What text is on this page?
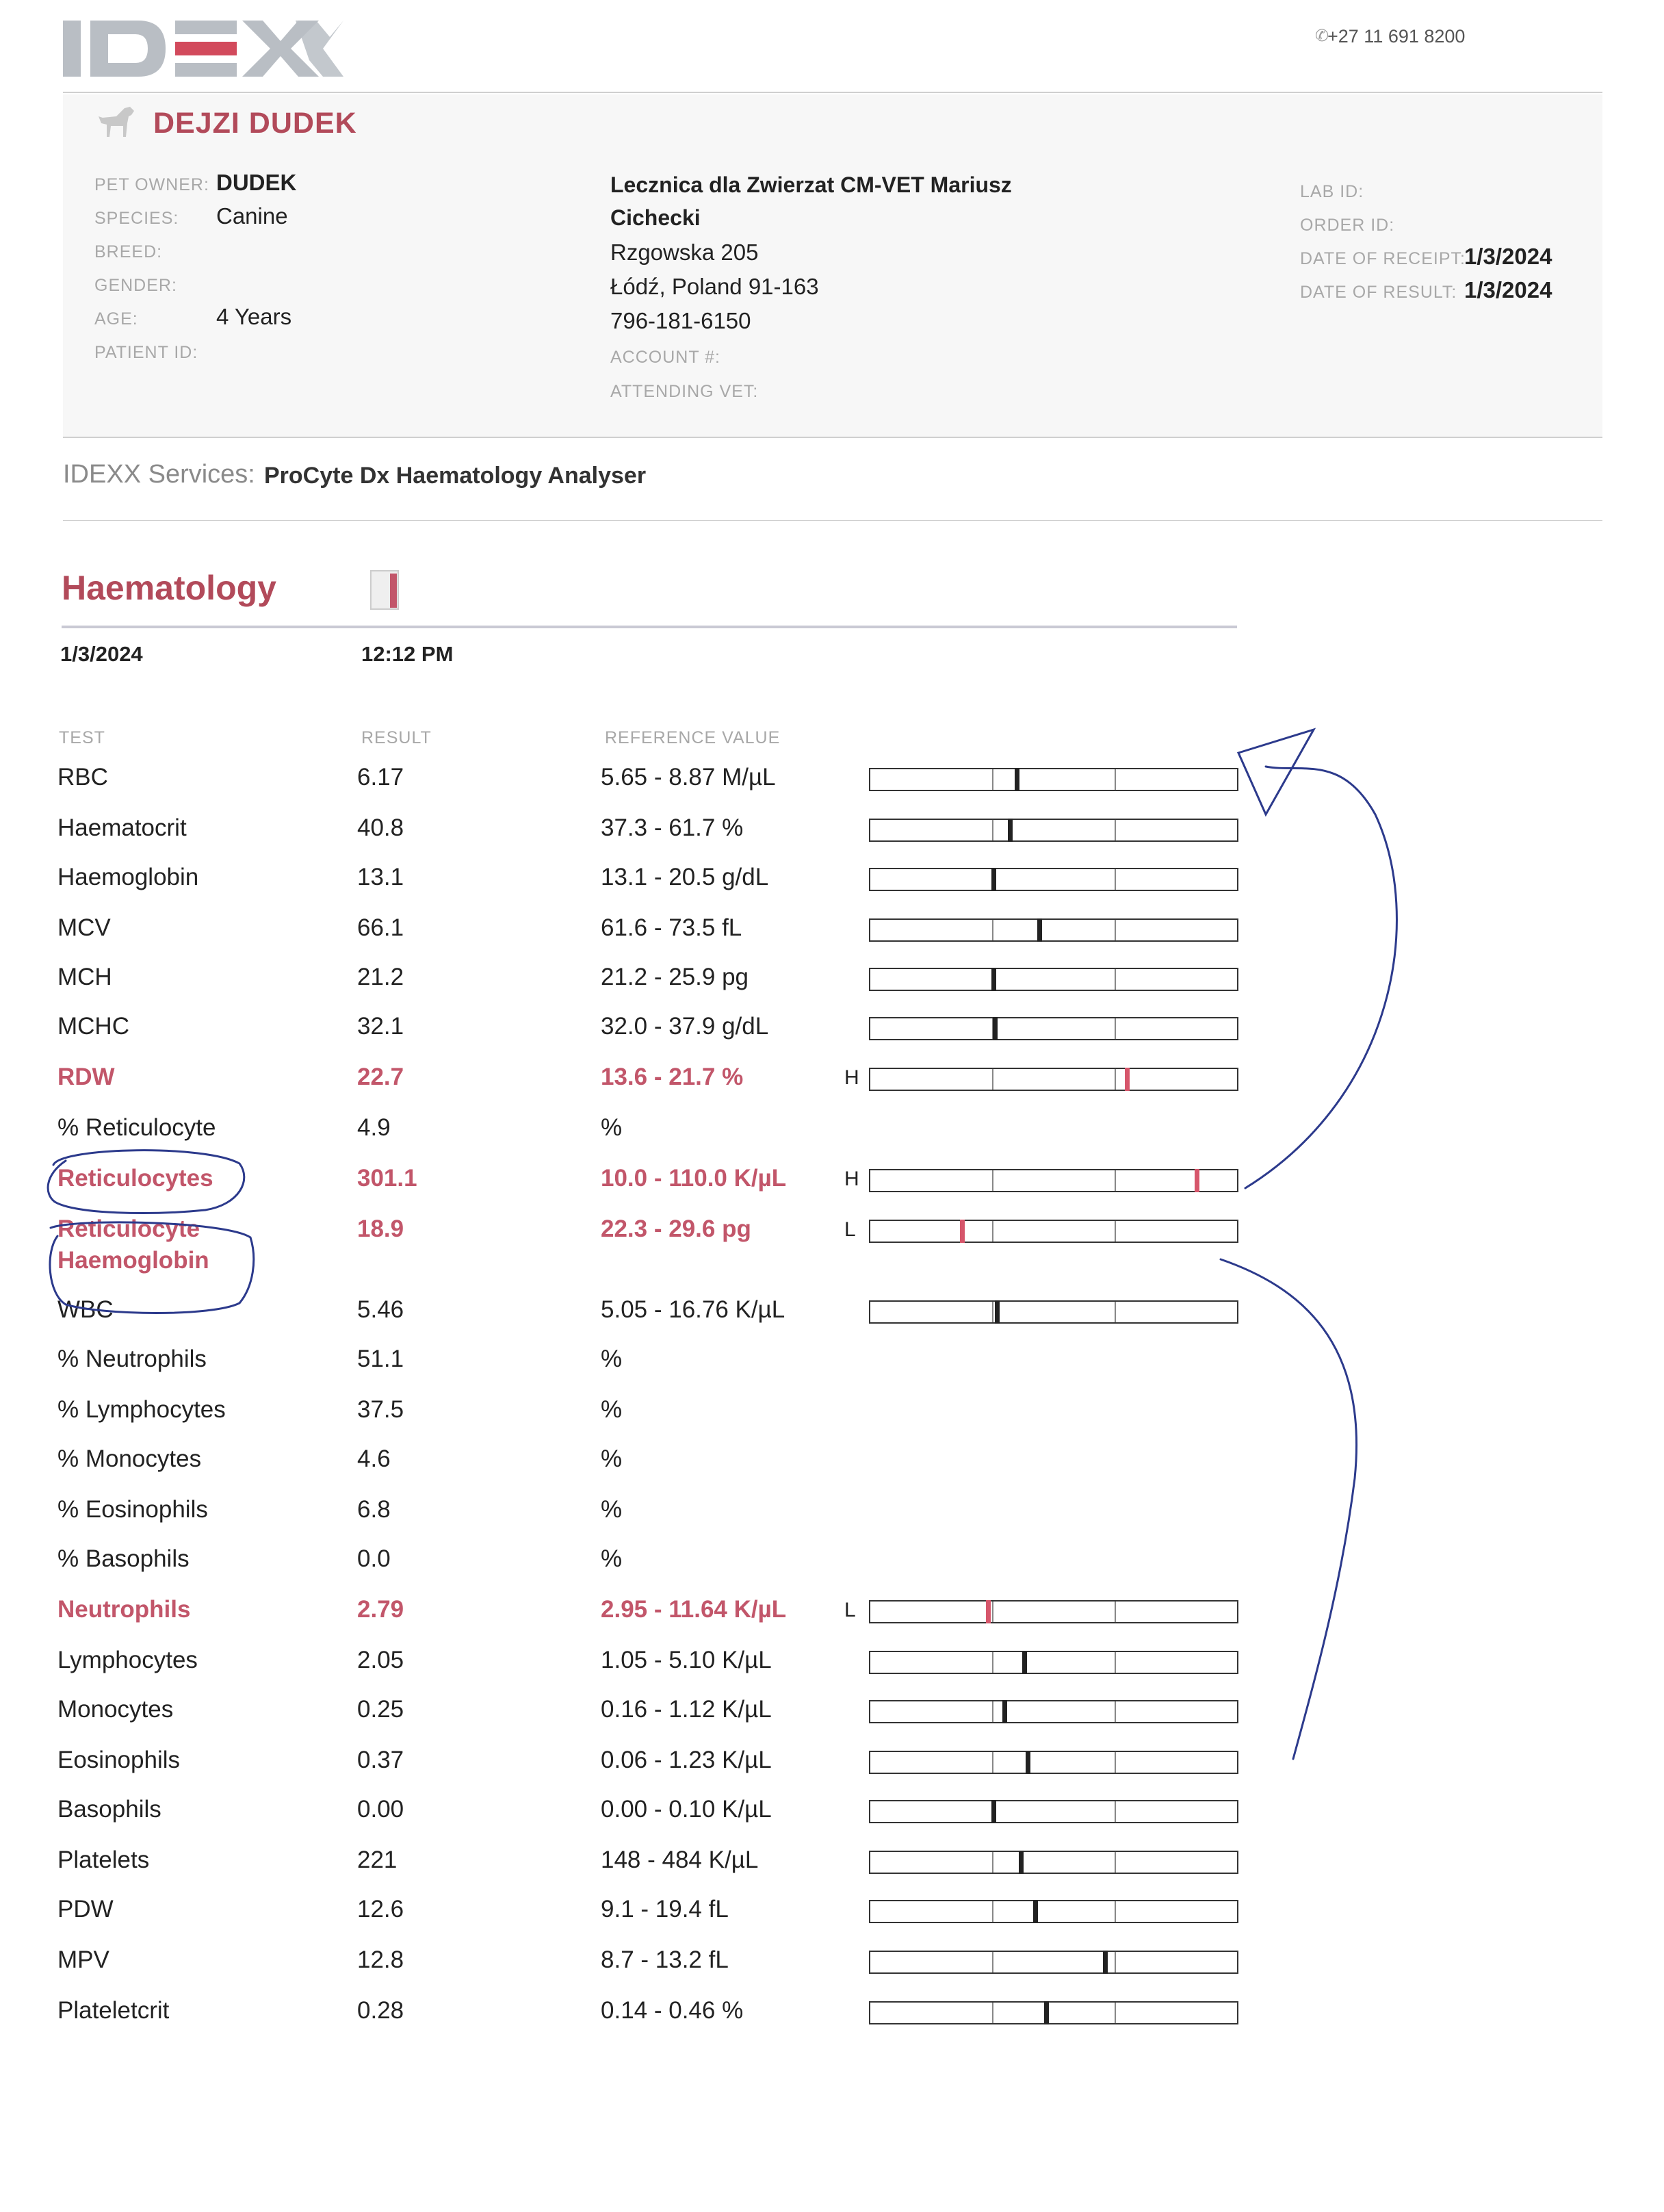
✆
+27 11 691 8200
DEJZI DUDEK
PET OWNER: DUDEK
SPECIES: Canine
BREED:
GENDER:
AGE:	4 Years
PATIENT ID:
Lecznica dla Zwierzat CM-VET Mariusz
Cichecki
Rzgowska 205
Łódź, Poland 91-163
796-181-6150
ACCOUNT #:
ATTENDING VET:
LAB ID:
ORDER ID:
DATE OF RECEIPT:
1/3/2024
DATE OF RESULT: 1/3/2024
IDEXX Services: ProCyte Dx Haematology Analyser
Haematology
1/3/2024	12:12 PM
TEST	RESULT	REFERENCE VALUE
RBC	6.17	5.65 - 8.87 M/µL
Haematocrit	40.8	37.3 - 61.7 %
Haemoglobin	13.1	13.1 - 20.5 g/dL
MCV	66.1	61.6 - 73.5 fL
MCH	21.2	21.2 - 25.9 pg
MCHC	32.1	32.0 - 37.9 g/dL
RDW	22.7	13.6 - 21.7 %	H
% Reticulocyte	4.9	%
Reticulocytes	301.1	10.0 - 110.0 K/µL	H
Reticulocyte
Haemoglobin
18.9	22.3 - 29.6 pg	L
WBC	5.46	5.05 - 16.76 K/µL
% Neutrophils	51.1	%
% Lymphocytes	37.5	%
% Monocytes	4.6	%
% Eosinophils	6.8	%
% Basophils	0.0	%
Neutrophils	2.79	2.95 - 11.64 K/µL	L
Lymphocytes	2.05	1.05 - 5.10 K/µL
Monocytes	0.25	0.16 - 1.12 K/µL
Eosinophils	0.37	0.06 - 1.23 K/µL
Basophils	0.00	0.00 - 0.10 K/µL
Platelets	221	148 - 484 K/µL
PDW	12.6	9.1 - 19.4 fL
MPV	12.8	8.7 - 13.2 fL
Plateletcrit	0.28	0.14 - 0.46 %
